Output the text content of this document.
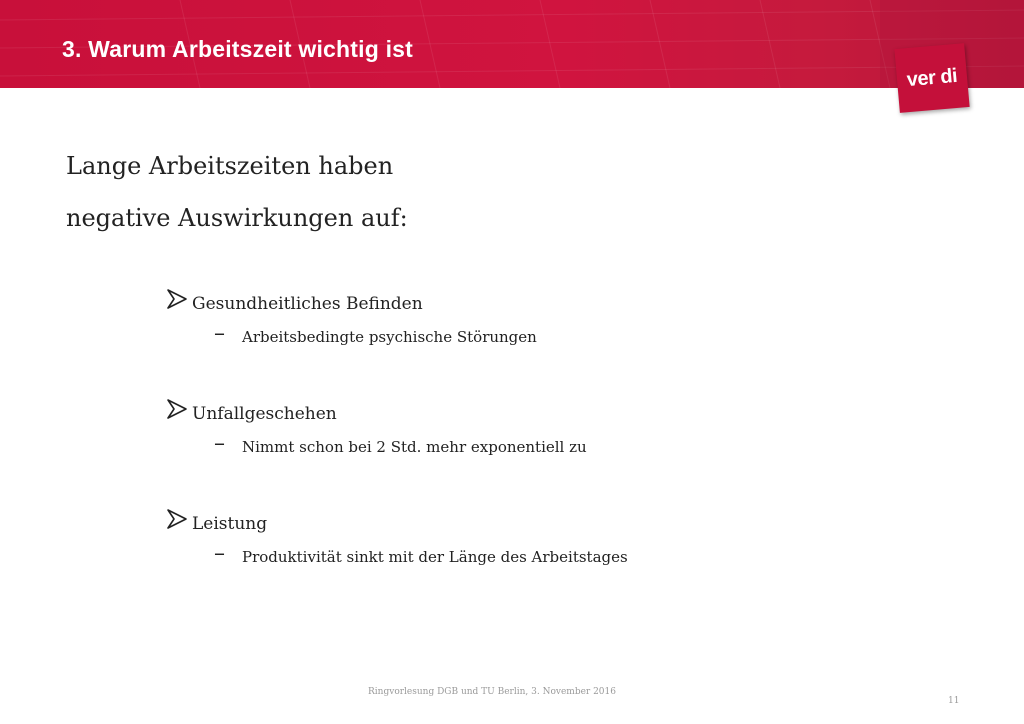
3. Warum Arbeitszeit wichtig ist
ver di
Lange Arbeitszeiten haben
negative Auswirkungen auf:
Gesundheitliches Befinden
– Arbeitsbedingte psychische Störungen
Unfallgeschehen
– Nimmt schon bei 2 Std. mehr exponentiell zu
Leistung
– Produktivität sinkt mit der Länge des Arbeitstages
Ringvorlesung DGB und TU Berlin, 3. November 2016
11
